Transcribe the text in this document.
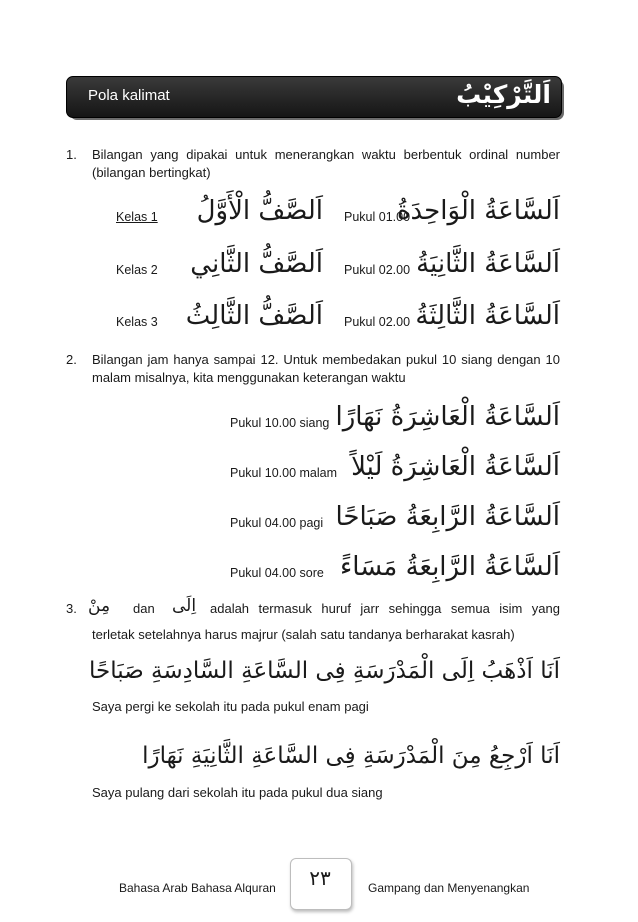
Pola kalimat	اَلتَّرْكِيْبُ
1. Bilangan yang dipakai untuk menerangkan waktu berbentuk ordinal number (bilangan bertingkat)
Kelas 1 اَلصَّفُّ الْأَوَّلُ Pukul 01.00
اَلسَّاعَةُ الْوَاحِدَةُ
Kelas 2 اَلصَّفُّ الثَّانِي Pukul 02.00 اَلسَّاعَةُ الثَّانِيَةُ
Kelas 3 اَلصَّفُّ الثَّالِثُ Pukul 02.00 اَلسَّاعَةُ الثَّالِثَةُ
2. Bilangan jam hanya sampai 12. Untuk membedakan pukul 10 siang dengan 10 malam misalnya, kita menggunakan keterangan waktu
Pukul 10.00 siang اَلسَّاعَةُ الْعَاشِرَةُ نَهَارًا
Pukul 10.00 malam اَلسَّاعَةُ الْعَاشِرَةُ لَيْلاً
Pukul 04.00 pagi اَلسَّاعَةُ الرَّابِعَةُ صَبَاحًا
Pukul 04.00 sore اَلسَّاعَةُ الرَّابِعَةُ مَسَاءً
3. مِنْ dan اِلَى adalah termasuk huruf jarr sehingga semua isim yang
terletak setelahnya harus majrur (salah satu tandanya berharakat kasrah)
اَنَا اَذْهَبُ اِلَى الْمَدْرَسَةِ فِى السَّاعَةِ السَّادِسَةِ صَبَاحًا
Saya pergi ke sekolah itu pada pukul enam pagi
اَنَا اَرْجِعُ مِنَ الْمَدْرَسَةِ فِى السَّاعَةِ الثَّانِيَةِ نَهَارًا
Saya pulang dari sekolah itu pada pukul dua siang
٢٣
Bahasa Arab Bahasa Alquran	Gampang dan Menyenangkan
